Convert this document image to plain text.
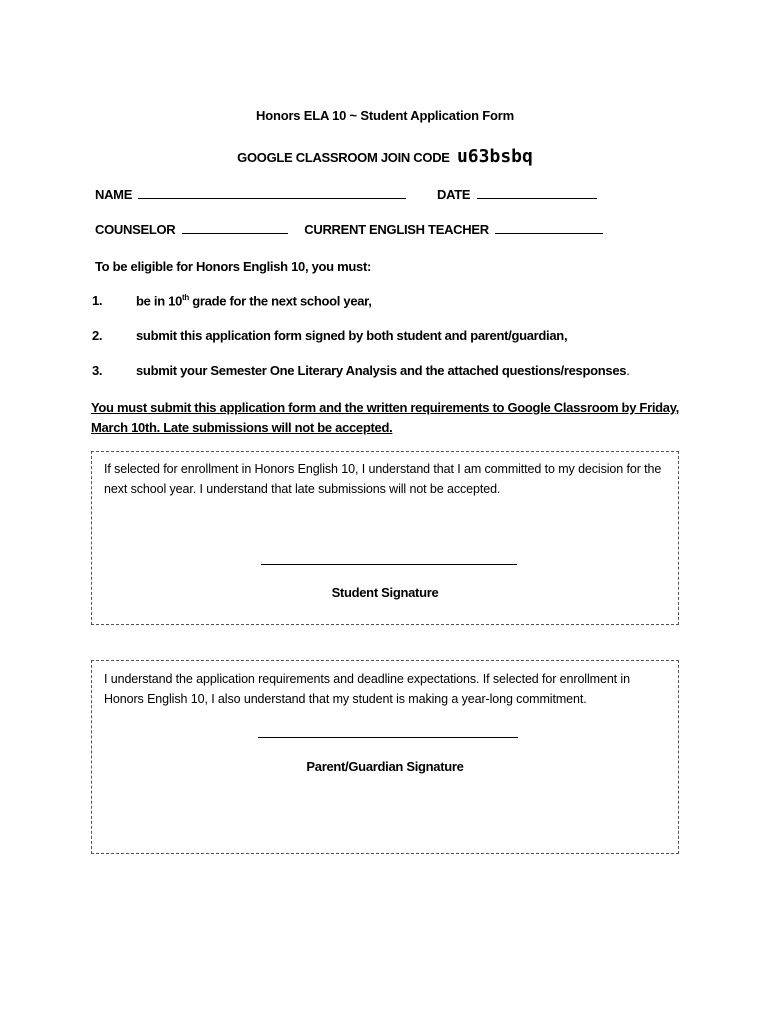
Honors ELA 10 ~ Student Application Form
GOOGLE CLASSROOM JOIN CODE u63bsbq
NAME	DATE
COUNSELOR	CURRENT ENGLISH TEACHER
To be eligible for Honors English 10, you must:
1.	be in 10th grade for the next school year,
2.	submit this application form signed by both student and parent/guardian,
3.	submit your Semester One Literary Analysis and the attached questions/responses.
You must submit this application form and the written requirements to Google Classroom by Friday, March 10th. Late submissions will not be accepted.
If selected for enrollment in Honors English 10, I understand that I am committed to my decision for the next school year. I understand that late submissions will not be accepted.
Student Signature
I understand the application requirements and deadline expectations. If selected for enrollment in Honors English 10, I also understand that my student is making a year-long commitment.
Parent/Guardian Signature
